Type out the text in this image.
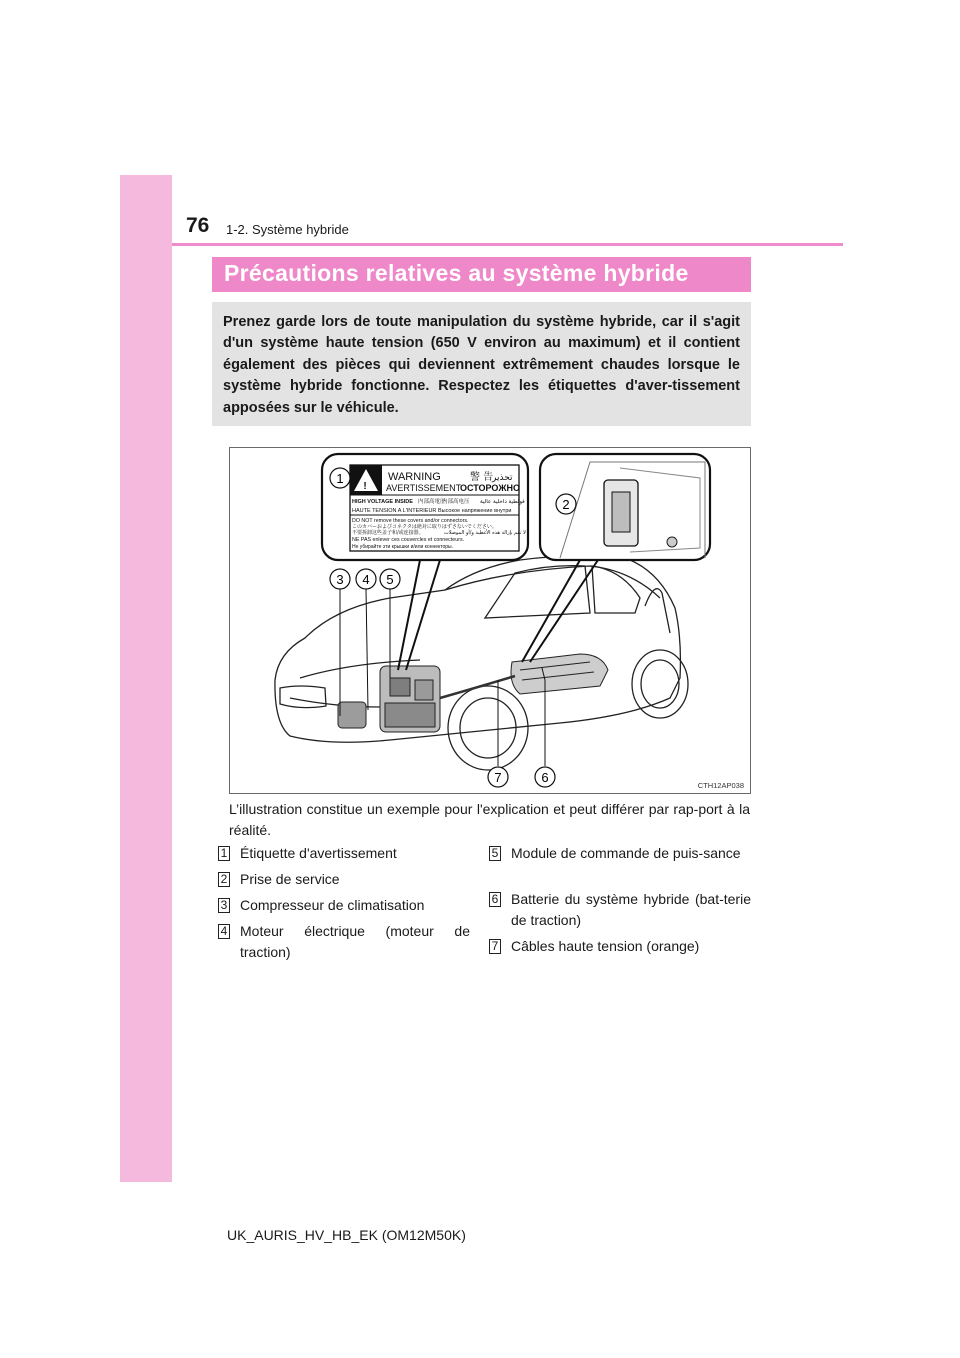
76 1-2. Système hybride
Précautions relatives au système hybride
Prenez garde lors de toute manipulation du système hybride, car il s'agit d'un système haute tension (650 V environ au maximum) et il contient également des pièces qui deviennent extrêmement chaudes lorsque le système hybride fonctionne. Respectez les étiquettes d'aver-tissement apposées sur le véhicule.
!
WARNING	警 告
تحذير
AVERTISSEMENT
ОСТОРОЖНО
HIGH VOLTAGE INSIDE 内部高電圧
内部高电压 فولطية داخلية عالية
HAUTE TENSION A L'INTERIEUR Высокое напряжение внутри
DO NOT remove these covers and/or connectors.
このカバーおよびコネクタは絶対に取りはずさないでください。
不要拆卸这些盖子和/或连接器。	لا تقم بإزالة هذه الأغطية و/أو الموصلات
NE PAS enlever ces couvercles et connecteurs.
Не убирайте эти крышки и/или коннекторы.
1
2
3 4 5
6
7
CTH12AP038
L’illustration constitue un exemple pour l'explication et peut différer par rap-port à la réalité.
1 Étiquette d'avertissement
2 Prise de service
3 Compresseur de climatisation
4 Moteur électrique (moteur de traction)
5 Module de commande de puis-sance
6 Batterie du système hybride (bat-terie de traction)
7 Câbles haute tension (orange)
UK_AURIS_HV_HB_EK (OM12M50K)
